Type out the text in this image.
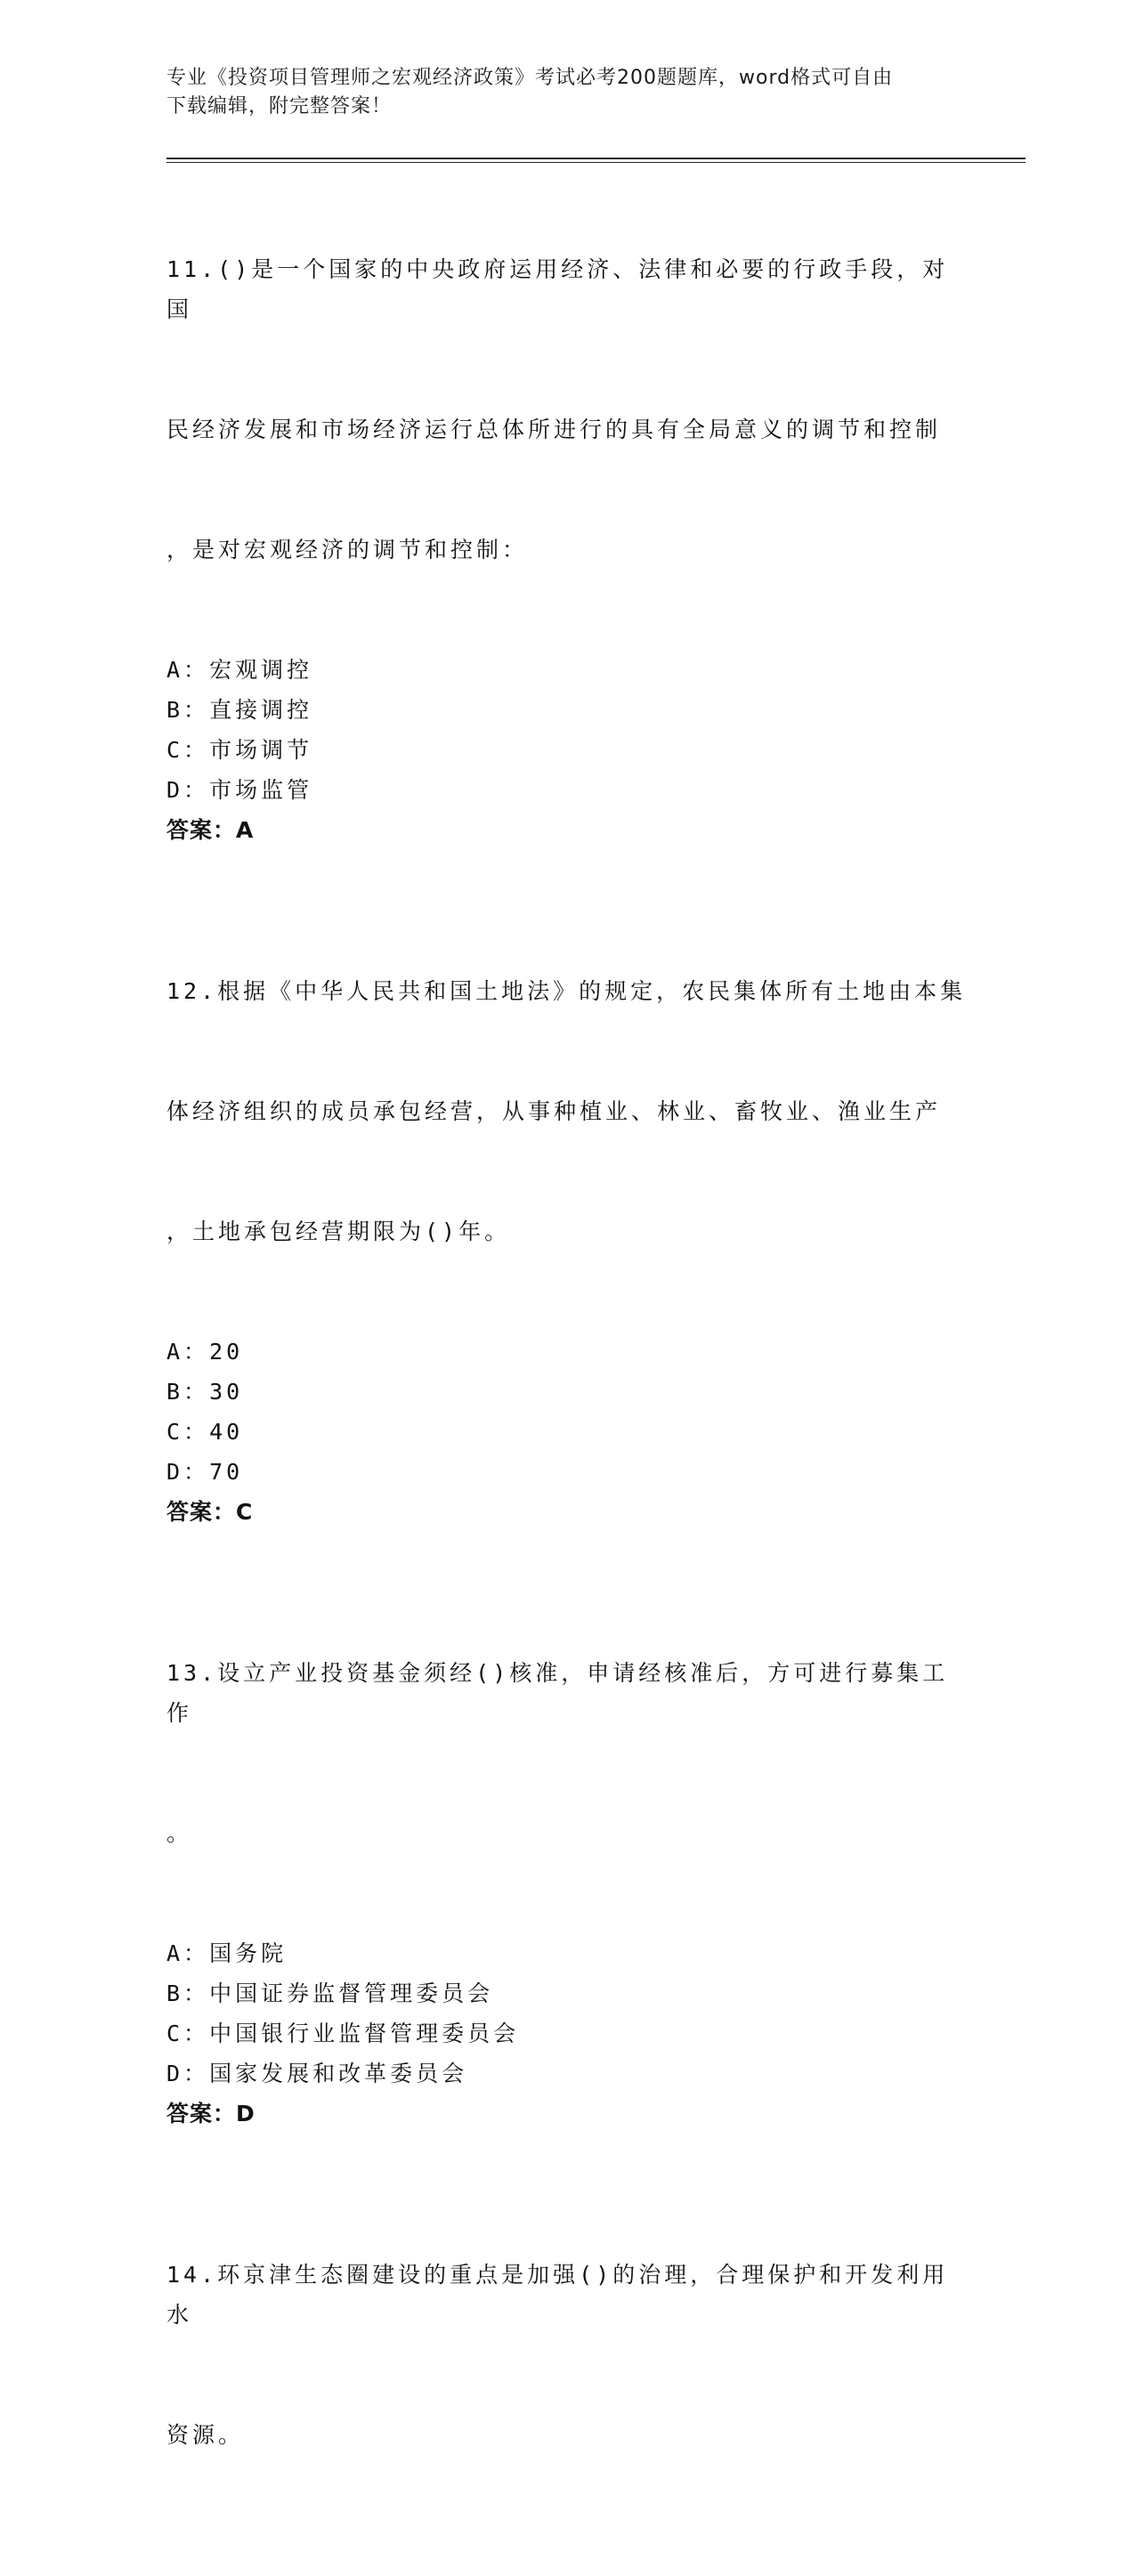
专业《投资项目管理师之宏观经济政策》考试必考200题题库，word格式可自由
下载编辑，附完整答案！

11.()是一个国家的中央政府运用经济、法律和必要的行政手段，对国

民经济发展和市场经济运行总体所进行的具有全局意义的调节和控制

，是对宏观经济的调节和控制：

A：宏观调控
B：直接调控
C：市场调节
D：市场监管
答案：A

12.根据《中华人民共和国土地法》的规定，农民集体所有土地由本集

体经济组织的成员承包经营，从事种植业、林业、畜牧业、渔业生产

，土地承包经营期限为()年。

A：20
B：30
C：40
D：70
答案：C

13.设立产业投资基金须经()核准，申请经核准后，方可进行募集工作

。

A：国务院
B：中国证券监督管理委员会
C：中国银行业监督管理委员会
D：国家发展和改革委员会
答案：D

14.环京津生态圈建设的重点是加强()的治理，合理保护和开发利用水

资源。
